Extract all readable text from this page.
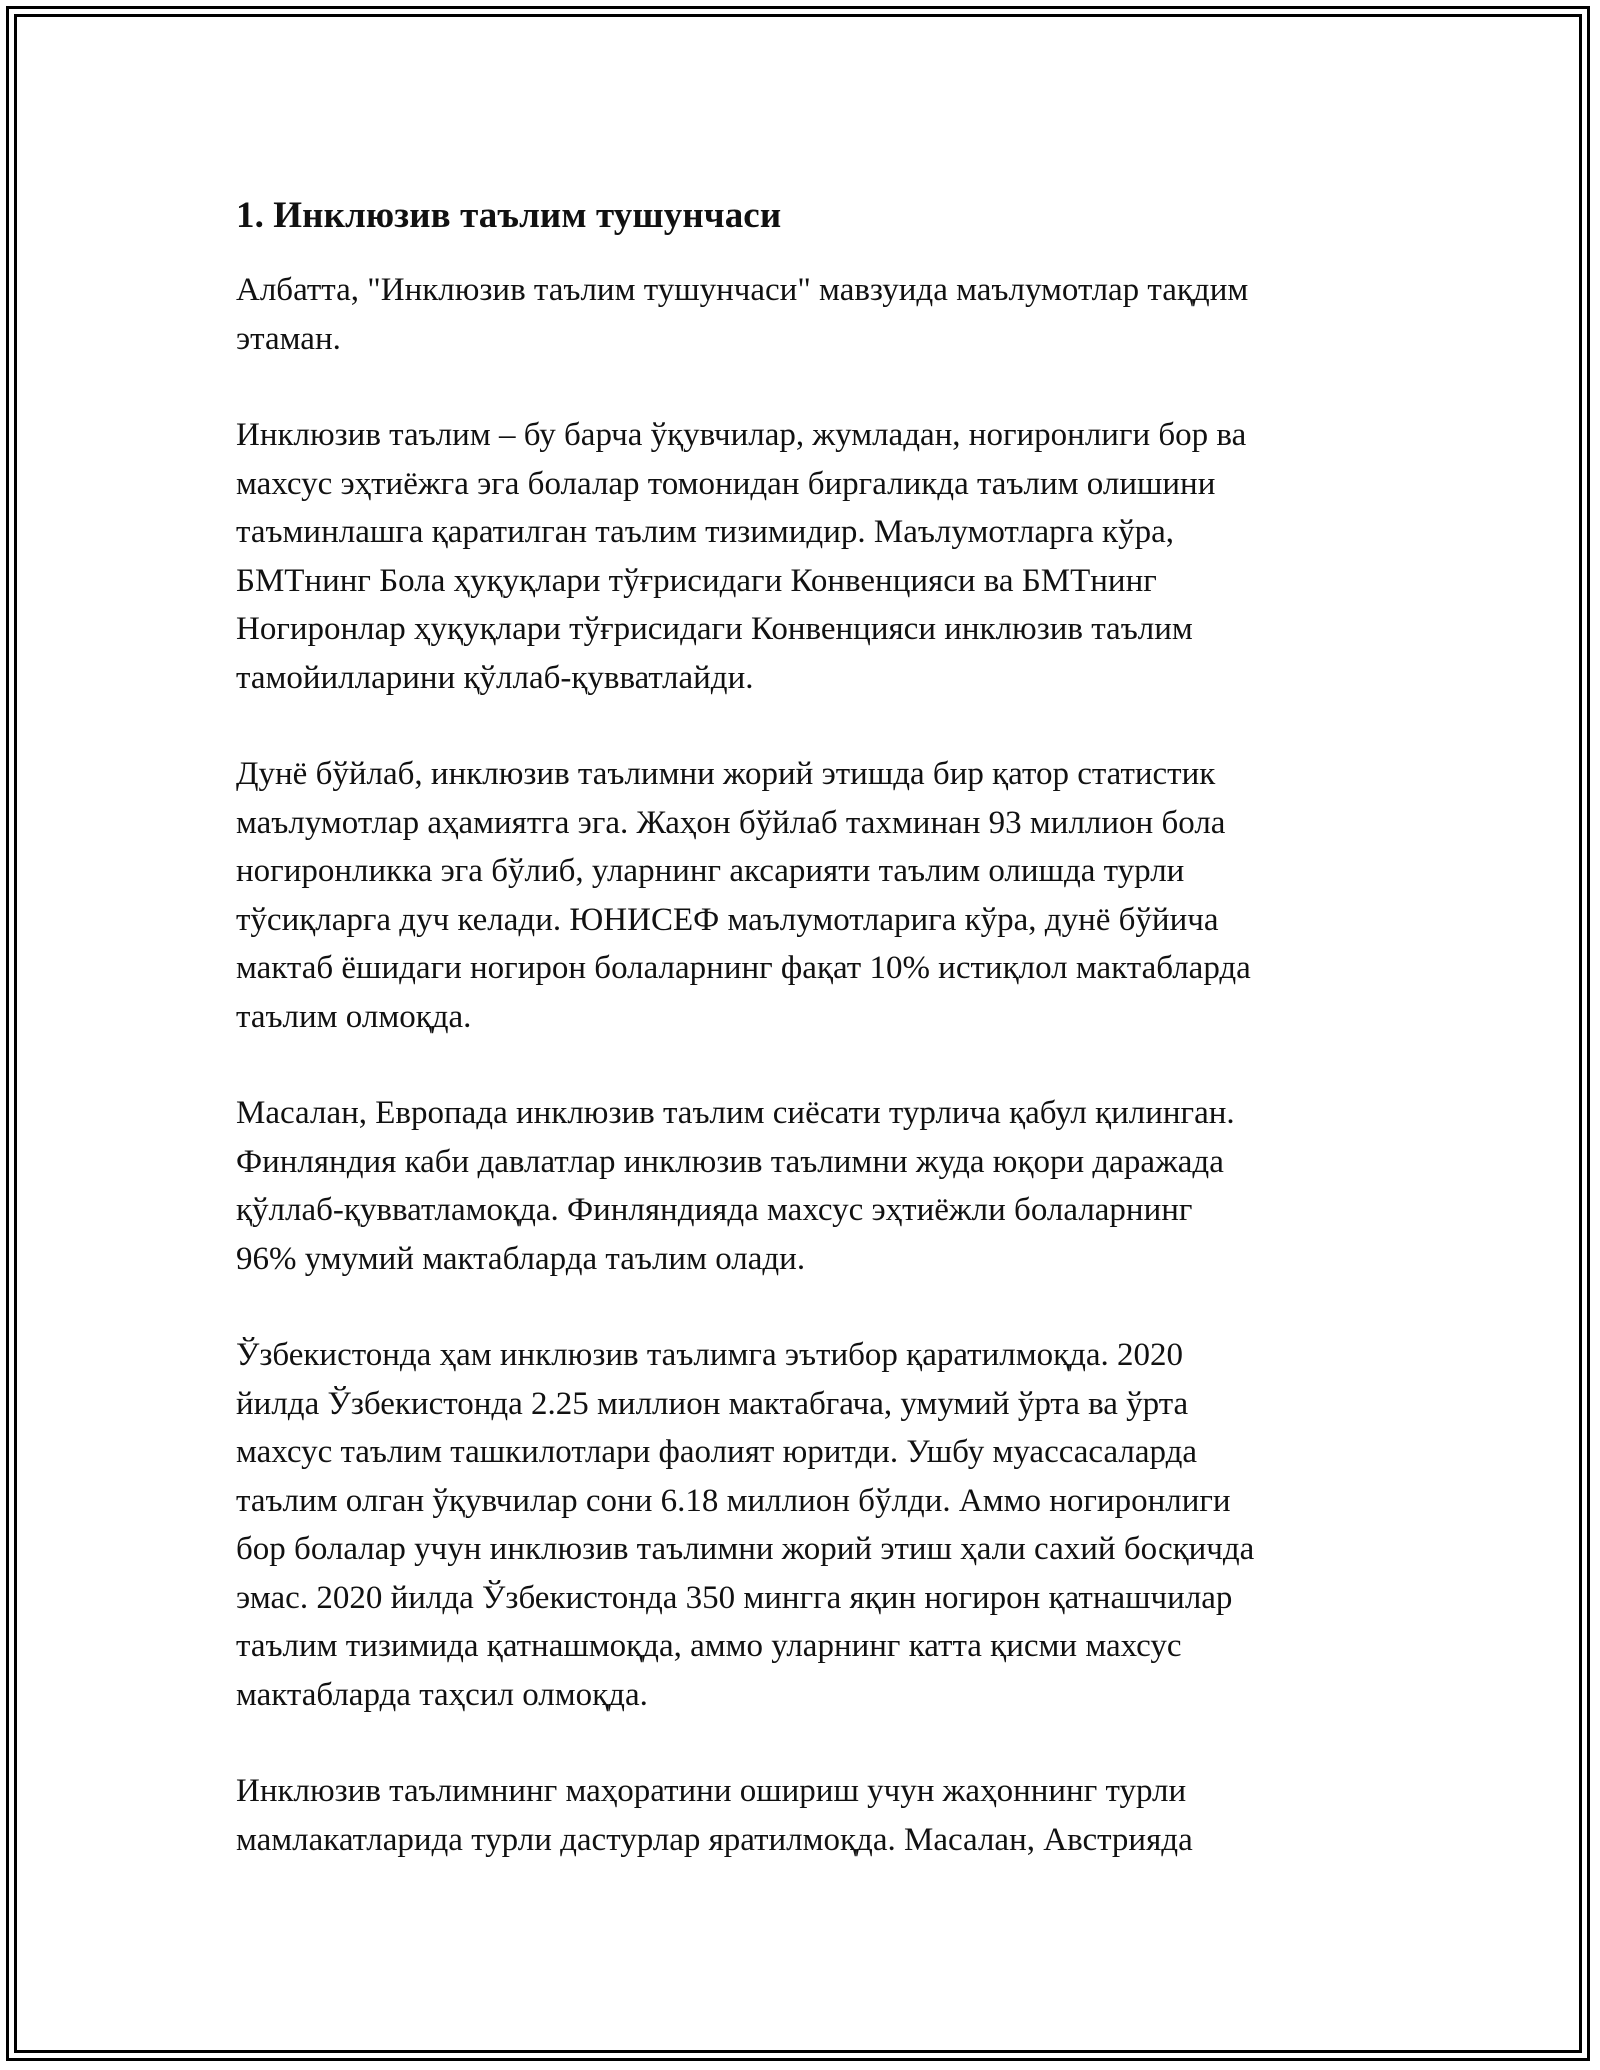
1. Инклюзив таълим тушунчаси

Албатта, "Инклюзив таълим тушунчаси" мавзуида маълумотлар тақдим
этаман.

Инклюзив таълим – бу барча ўқувчилар, жумладан, ногиронлиги бор ва
махсус эҳтиёжга эга болалар томонидан биргаликда таълим олишини
таъминлашга қаратилган таълим тизимидир. Маълумотларга кўра,
БМТнинг Бола ҳуқуқлари тўғрисидаги Конвенцияси ва БМТнинг
Ногиронлар ҳуқуқлари тўғрисидаги Конвенцияси инклюзив таълим
тамойилларини қўллаб-қувватлайди.

Дунё бўйлаб, инклюзив таълимни жорий этишда бир қатор статистик
маълумотлар аҳамиятга эга. Жаҳон бўйлаб тахминан 93 миллион бола
ногиронликка эга бўлиб, уларнинг аксарияти таълим олишда турли
тўсиқларга дуч келади. ЮНИСЕФ маълумотларига кўра, дунё бўйича
мактаб ёшидаги ногирон болаларнинг фақат 10% истиқлол мактабларда
таълим олмоқда.

Масалан, Европада инклюзив таълим сиёсати турлича қабул қилинган.
Финляндия каби давлатлар инклюзив таълимни жуда юқори даражада
қўллаб-қувватламоқда. Финляндияда махсус эҳтиёжли болаларнинг
96% умумий мактабларда таълим олади.

Ўзбекистонда ҳам инклюзив таълимга эътибор қаратилмоқда. 2020
йилда Ўзбекистонда 2.25 миллион мактабгача, умумий ўрта ва ўрта
махсус таълим ташкилотлари фаолият юритди. Ушбу муассасаларда
таълим олган ўқувчилар сони 6.18 миллион бўлди. Аммо ногиронлиги
бор болалар учун инклюзив таълимни жорий этиш ҳали сахий босқичда
эмас. 2020 йилда Ўзбекистонда 350 мингга яқин ногирон қатнашчилар
таълим тизимида қатнашмоқда, аммо уларнинг катта қисми махсус
мактабларда таҳсил олмоқда.

Инклюзив таълимнинг маҳоратини ошириш учун жаҳоннинг турли
мамлакатларида турли дастурлар яратилмоқда. Масалан, Австрияда
